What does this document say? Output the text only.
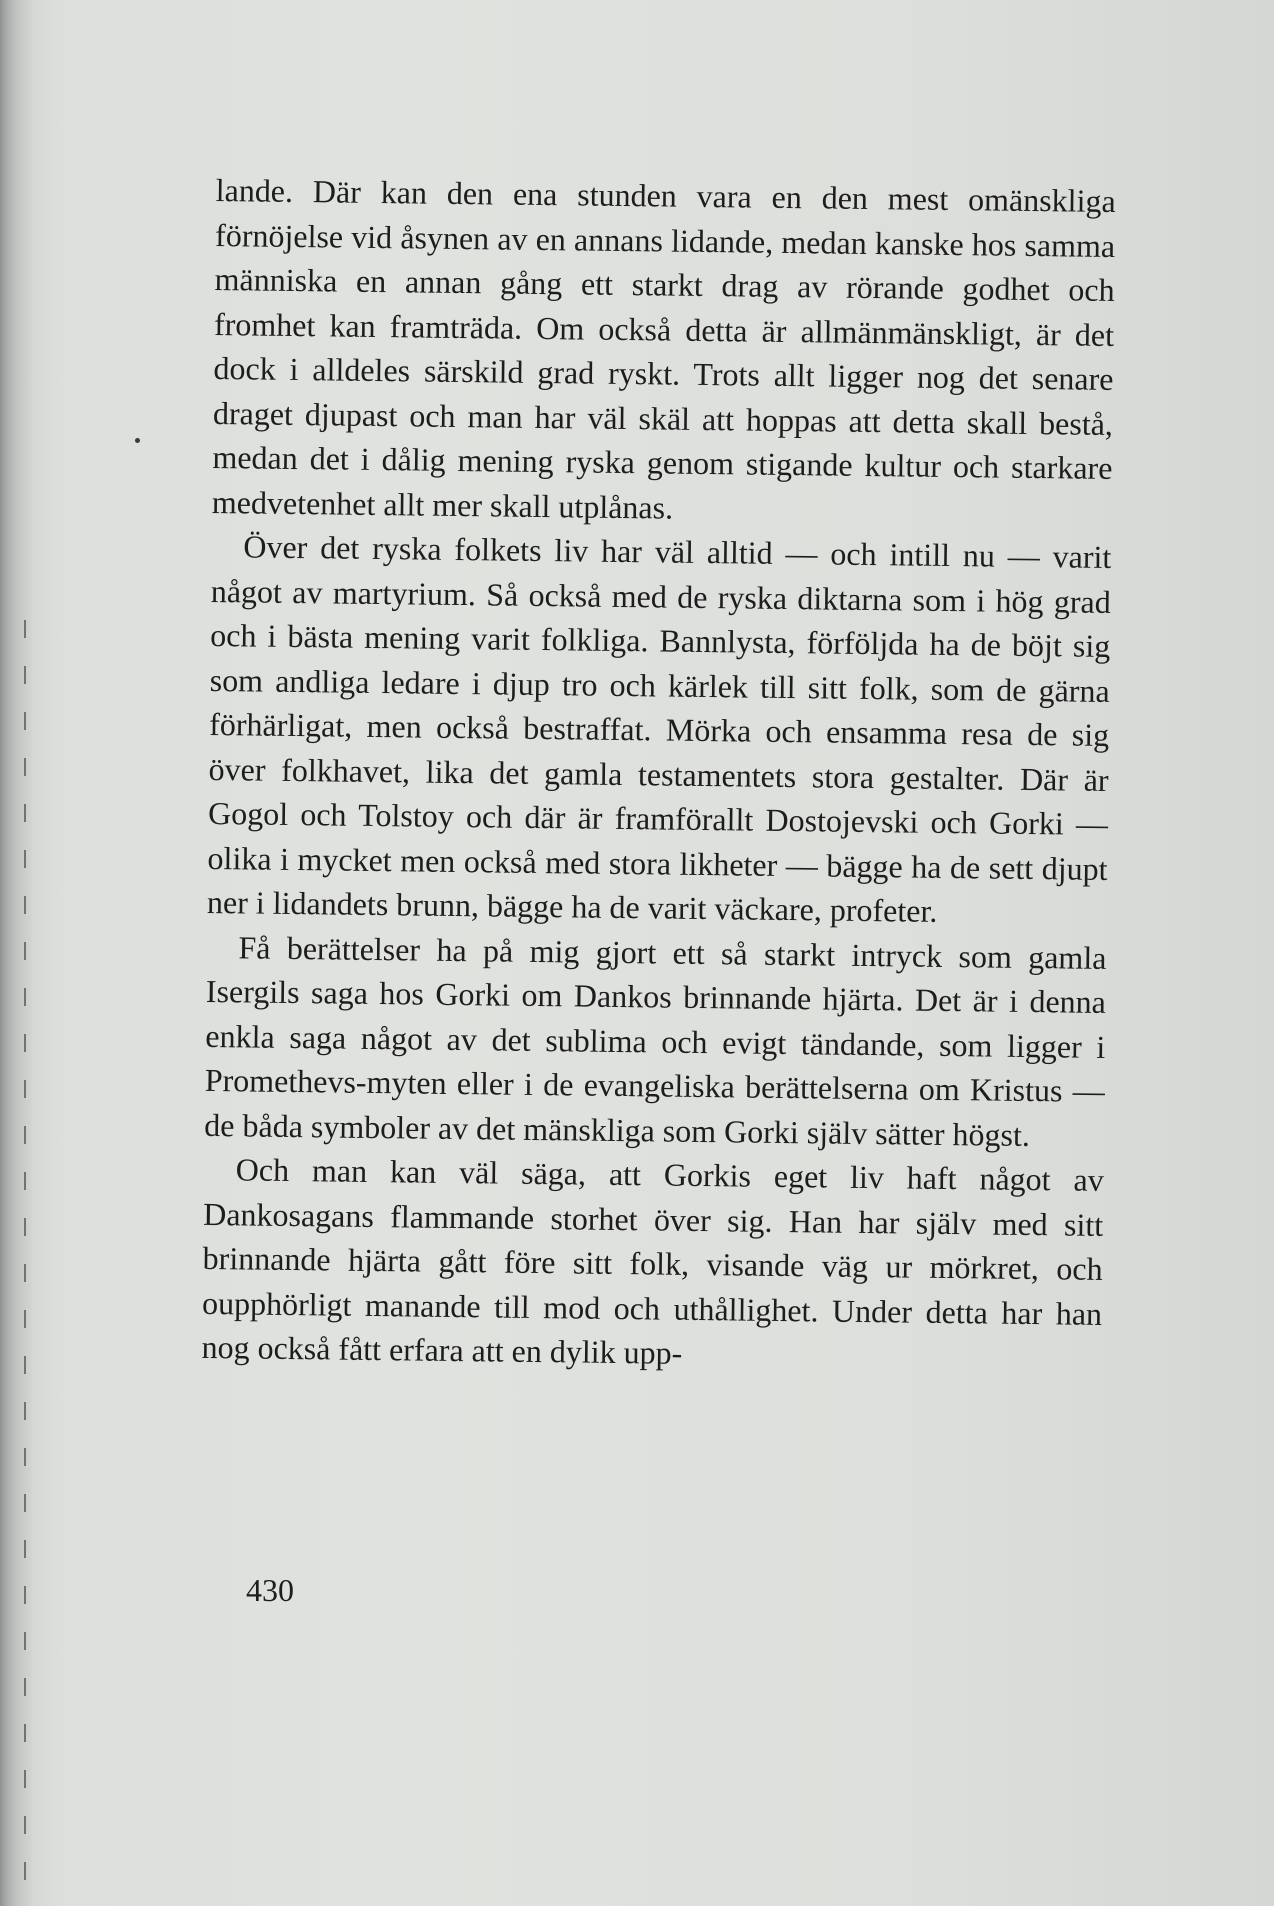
lande. Där kan den ena stunden vara en den mest omänskliga förnöjelse vid åsynen av en annans lidande, medan kanske hos samma människa en annan gång ett starkt drag av rörande godhet och fromhet kan framträda. Om också detta är allmänmänskligt, är det dock i alldeles särskild grad ryskt. Trots allt ligger nog det senare draget djupast och man har väl skäl att hoppas att detta skall bestå, medan det i dålig mening ryska genom stigande kultur och starkare medvetenhet allt mer skall utplånas.

Över det ryska folkets liv har väl alltid — och intill nu — varit något av martyrium. Så också med de ryska diktarna som i hög grad och i bästa mening varit folkliga. Bannlysta, förföljda ha de böjt sig som andliga ledare i djup tro och kärlek till sitt folk, som de gärna förhärligat, men också bestraffat. Mörka och ensamma resa de sig över folkhavet, lika det gamla testamentets stora gestalter. Där är Gogol och Tolstoy och där är framförallt Dostojevski och Gorki — olika i mycket men också med stora likheter — bägge ha de sett djupt ner i lidandets brunn, bägge ha de varit väckare, profeter.

Få berättelser ha på mig gjort ett så starkt intryck som gamla Isergils saga hos Gorki om Dankos brinnande hjärta. Det är i denna enkla saga något av det sublima och evigt tändande, som ligger i Promethevs-myten eller i de evangeliska berättelserna om Kristus — de båda symboler av det mänskliga som Gorki själv sätter högst.

Och man kan väl säga, att Gorkis eget liv haft något av Dankosagans flammande storhet över sig. Han har själv med sitt brinnande hjärta gått före sitt folk, visande väg ur mörkret, och oupphörligt manande till mod och uthållighet. Under detta har han nog också fått erfara att en dylik upp-

430
